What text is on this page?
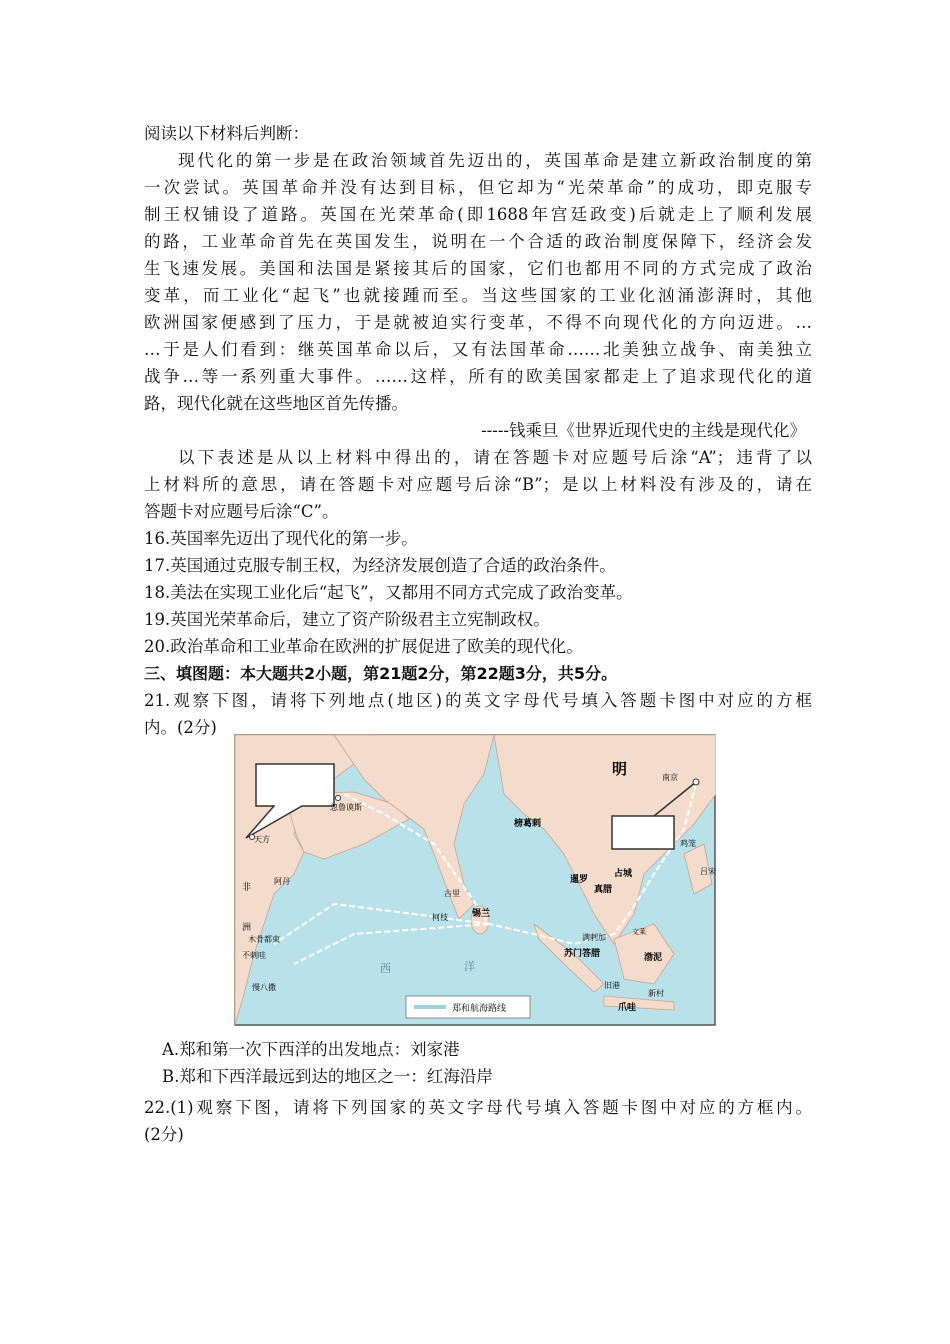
阅读以下材料后判断：
现代化的第一步是在政治领域首先迈出的，英国革命是建立新政治制度的第
一次尝试。英国革命并没有达到目标，但它却为“光荣革命”的成功，即克服专
制王权铺设了道路。英国在光荣革命(即1688年宫廷政变)后就走上了顺利发展
的路，工业革命首先在英国发生，说明在一个合适的政治制度保障下，经济会发
生飞速发展。美国和法国是紧接其后的国家，它们也都用不同的方式完成了政治
变革，而工业化“起飞”也就接踵而至。当这些国家的工业化汹涌澎湃时，其他
欧洲国家便感到了压力，于是就被迫实行变革，不得不向现代化的方向迈进。…
…于是人们看到：继英国革命以后，又有法国革命……北美独立战争、南美独立
战争…等一系列重大事件。……这样，所有的欧美国家都走上了追求现代化的道
路，现代化就在这些地区首先传播。
-----钱乘旦《世界近现代史的主线是现代化》
以下表述是从以上材料中得出的，请在答题卡对应题号后涂“A”；违背了以
上材料所的意思，请在答题卡对应题号后涂“B”；是以上材料没有涉及的，请在
答题卡对应题号后涂“C”。
16.英国率先迈出了现代化的第一步。
17.英国通过克服专制王权，为经济发展创造了合适的政治条件。
18.美法在实现工业化后“起飞”，又都用不同方式完成了政治变革。
19.英国光荣革命后，建立了资产阶级君主立宪制政权。
20.政治革命和工业革命在欧洲的扩展促进了欧美的现代化。
三、填图题：本大题共2小题，第21题2分，第22题3分，共5分。
21.观察下图，请将下列地点(地区)的英文字母代号填入答题卡图中对应的方框
内。(2分)
明	南京
鸡笼
吕宋
榜葛剌
占城
暹罗
真腊
忽鲁谟斯
天方
阿丹
古里
柯枝	锡兰
木骨都束
不剌哇
慢八撒
满剌加
苏门答腊
旧港
渤泥
文莱
爪哇
新村
西	洋
非
洲
郑和航海路线
A.郑和第一次下西洋的出发地点：刘家港
B.郑和下西洋最远到达的地区之一：红海沿岸
22.(1)观察下图，请将下列国家的英文字母代号填入答题卡图中对应的方框内。
(2分)
